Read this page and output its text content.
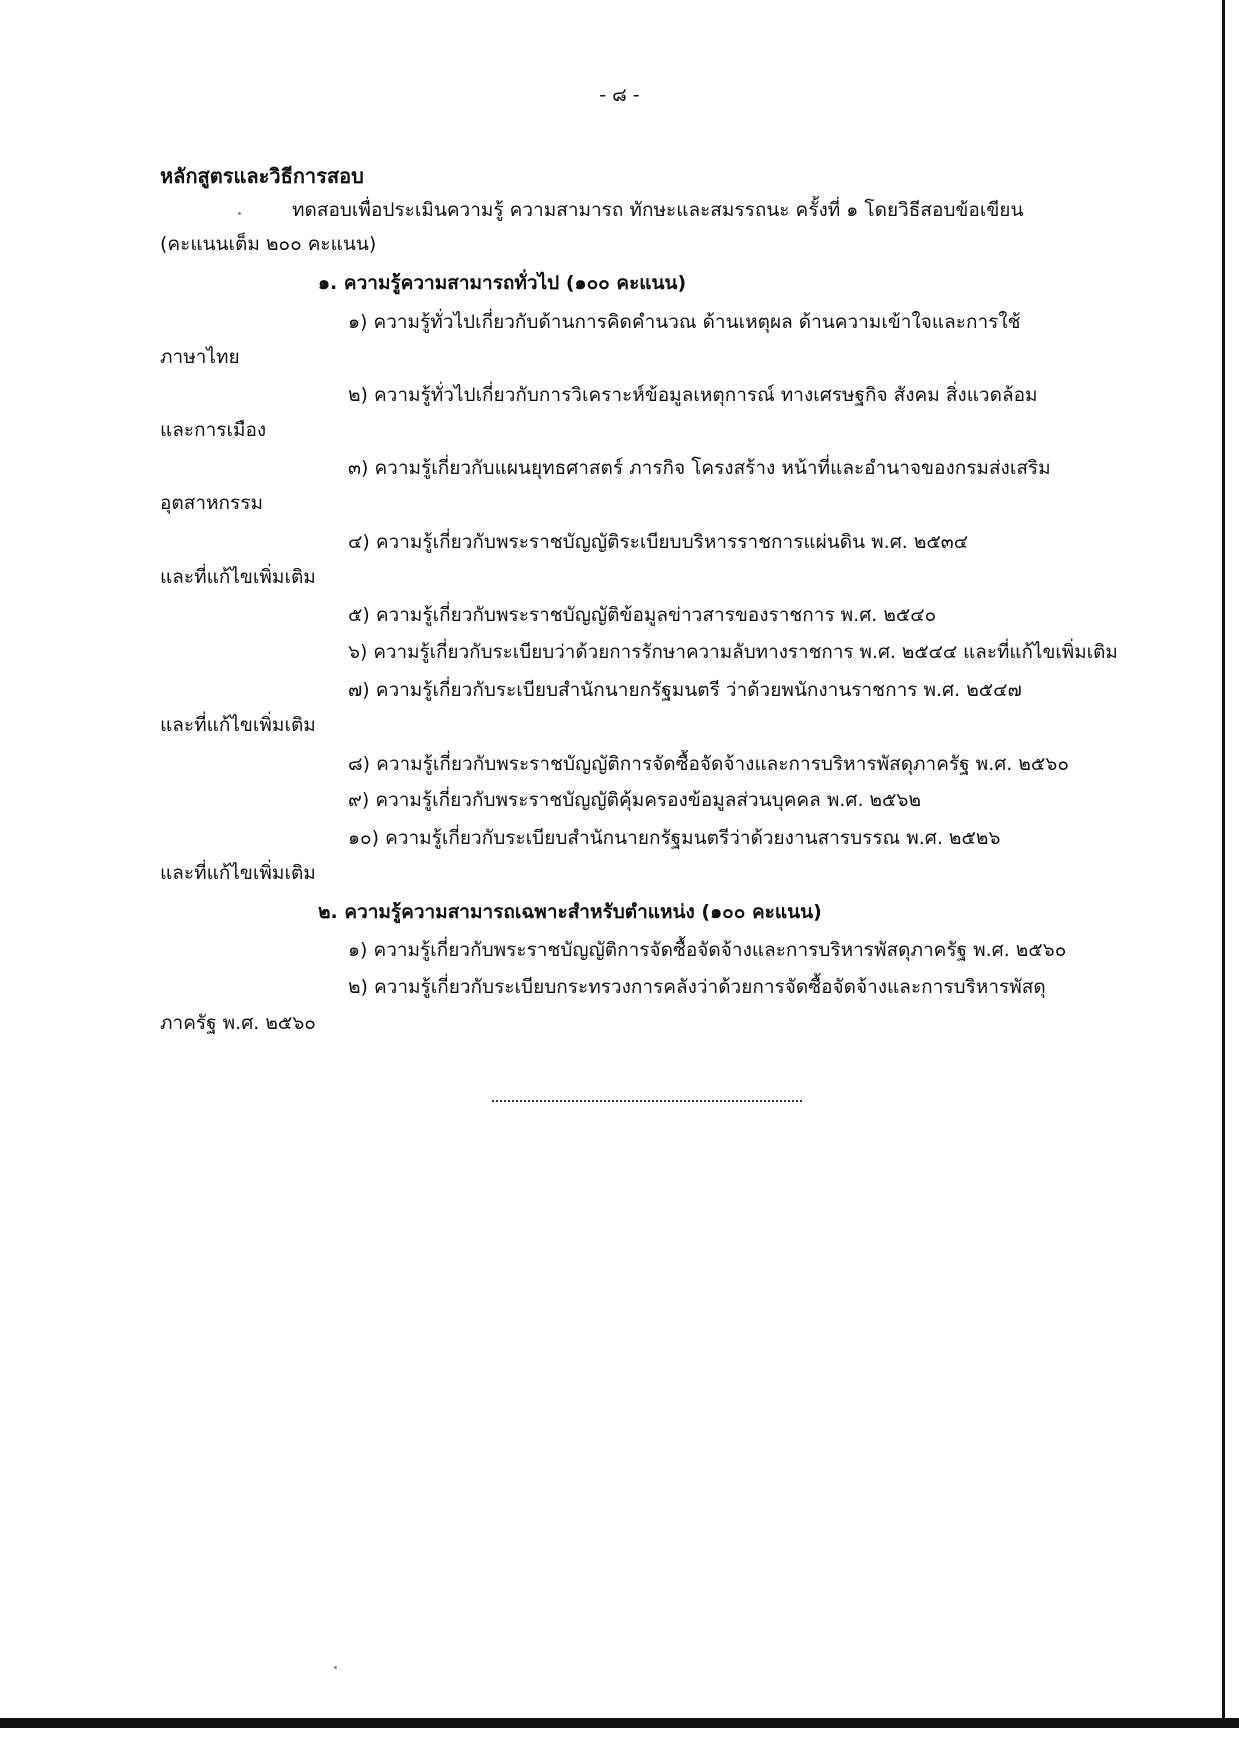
- ๘ -
หลักสูตรและวิธีการสอบ
ทดสอบเพื่อประเมินความรู้ ความสามารถ ทักษะและสมรรถนะ ครั้งที่ ๑ โดยวิธีสอบข้อเขียน
(คะแนนเต็ม ๒๐๐ คะแนน)
๑. ความรู้ความสามารถทั่วไป (๑๐๐ คะแนน)
๑) ความรู้ทั่วไปเกี่ยวกับด้านการคิดคำนวณ ด้านเหตุผล ด้านความเข้าใจและการใช้
ภาษาไทย
๒) ความรู้ทั่วไปเกี่ยวกับการวิเคราะห์ข้อมูลเหตุการณ์ ทางเศรษฐกิจ สังคม สิ่งแวดล้อม
และการเมือง
๓) ความรู้เกี่ยวกับแผนยุทธศาสตร์ ภารกิจ โครงสร้าง หน้าที่และอำนาจของกรมส่งเสริม
อุตสาหกรรม
๔) ความรู้เกี่ยวกับพระราชบัญญัติระเบียบบริหารราชการแผ่นดิน พ.ศ. ๒๕๓๔
และที่แก้ไขเพิ่มเติม
๕) ความรู้เกี่ยวกับพระราชบัญญัติข้อมูลข่าวสารของราชการ พ.ศ. ๒๕๔๐
๖) ความรู้เกี่ยวกับระเบียบว่าด้วยการรักษาความลับทางราชการ พ.ศ. ๒๕๔๔ และที่แก้ไขเพิ่มเติม
๗) ความรู้เกี่ยวกับระเบียบสำนักนายกรัฐมนตรี ว่าด้วยพนักงานราชการ พ.ศ. ๒๕๔๗
และที่แก้ไขเพิ่มเติม
๘) ความรู้เกี่ยวกับพระราชบัญญัติการจัดซื้อจัดจ้างและการบริหารพัสดุภาครัฐ พ.ศ. ๒๕๖๐
๙) ความรู้เกี่ยวกับพระราชบัญญัติคุ้มครองข้อมูลส่วนบุคคล พ.ศ. ๒๕๖๒
๑๐) ความรู้เกี่ยวกับระเบียบสำนักนายกรัฐมนตรีว่าด้วยงานสารบรรณ พ.ศ. ๒๕๒๖
และที่แก้ไขเพิ่มเติม
๒. ความรู้ความสามารถเฉพาะสำหรับตำแหน่ง (๑๐๐ คะแนน)
๑) ความรู้เกี่ยวกับพระราชบัญญัติการจัดซื้อจัดจ้างและการบริหารพัสดุภาครัฐ พ.ศ. ๒๕๖๐
๒) ความรู้เกี่ยวกับระเบียบกระทรวงการคลังว่าด้วยการจัดซื้อจัดจ้างและการบริหารพัสดุ
ภาครัฐ พ.ศ. ๒๕๖๐
